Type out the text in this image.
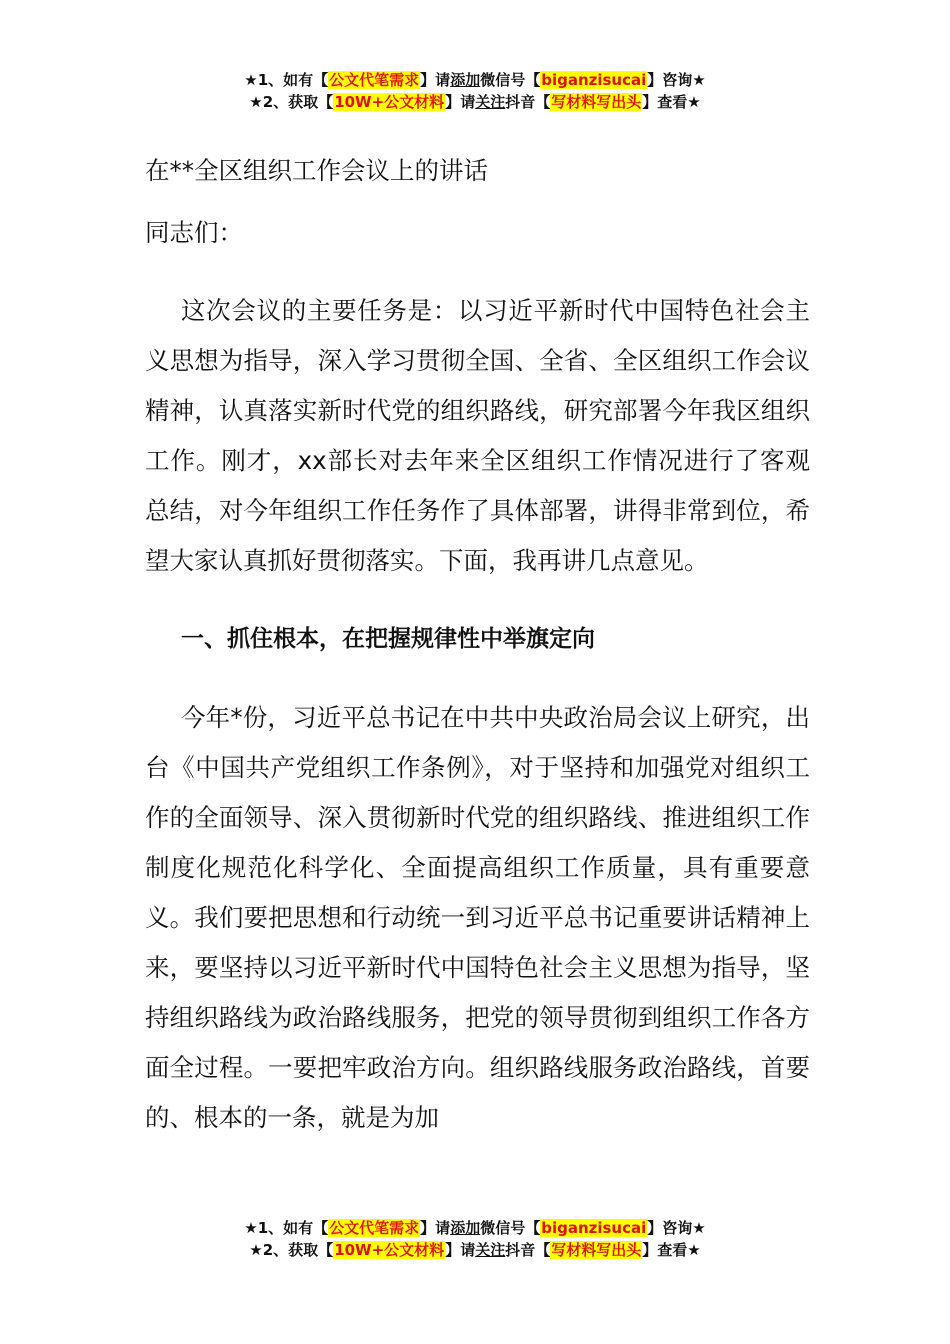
★1、如有【公文代笔需求】请添加微信号【biganzisucai】咨询★
★2、获取【10W+公文材料】请关注抖音【写材料写出头】查看★

在**全区组织工作会议上的讲话

同志们：

这次会议的主要任务是：以习近平新时代中国特色社会主义思想为指导，深入学习贯彻全国、全省、全区组织工作会议精神，认真落实新时代党的组织路线，研究部署今年我区组织工作。刚才，xx部长对去年来全区组织工作情况进行了客观总结，对今年组织工作任务作了具体部署，讲得非常到位，希望大家认真抓好贯彻落实。下面，我再讲几点意见。

一、抓住根本，在把握规律性中举旗定向

今年*份，习近平总书记在中共中央政治局会议上研究，出台《中国共产党组织工作条例》，对于坚持和加强党对组织工作的全面领导、深入贯彻新时代党的组织路线、推进组织工作制度化规范化科学化、全面提高组织工作质量，具有重要意义。我们要把思想和行动统一到习近平总书记重要讲话精神上来，要坚持以习近平新时代中国特色社会主义思想为指导，坚持组织路线为政治路线服务，把党的领导贯彻到组织工作各方面全过程。一要把牢政治方向。组织路线服务政治路线，首要的、根本的一条，就是为加

★1、如有【公文代笔需求】请添加微信号【biganzisucai】咨询★
★2、获取【10W+公文材料】请关注抖音【写材料写出头】查看★
